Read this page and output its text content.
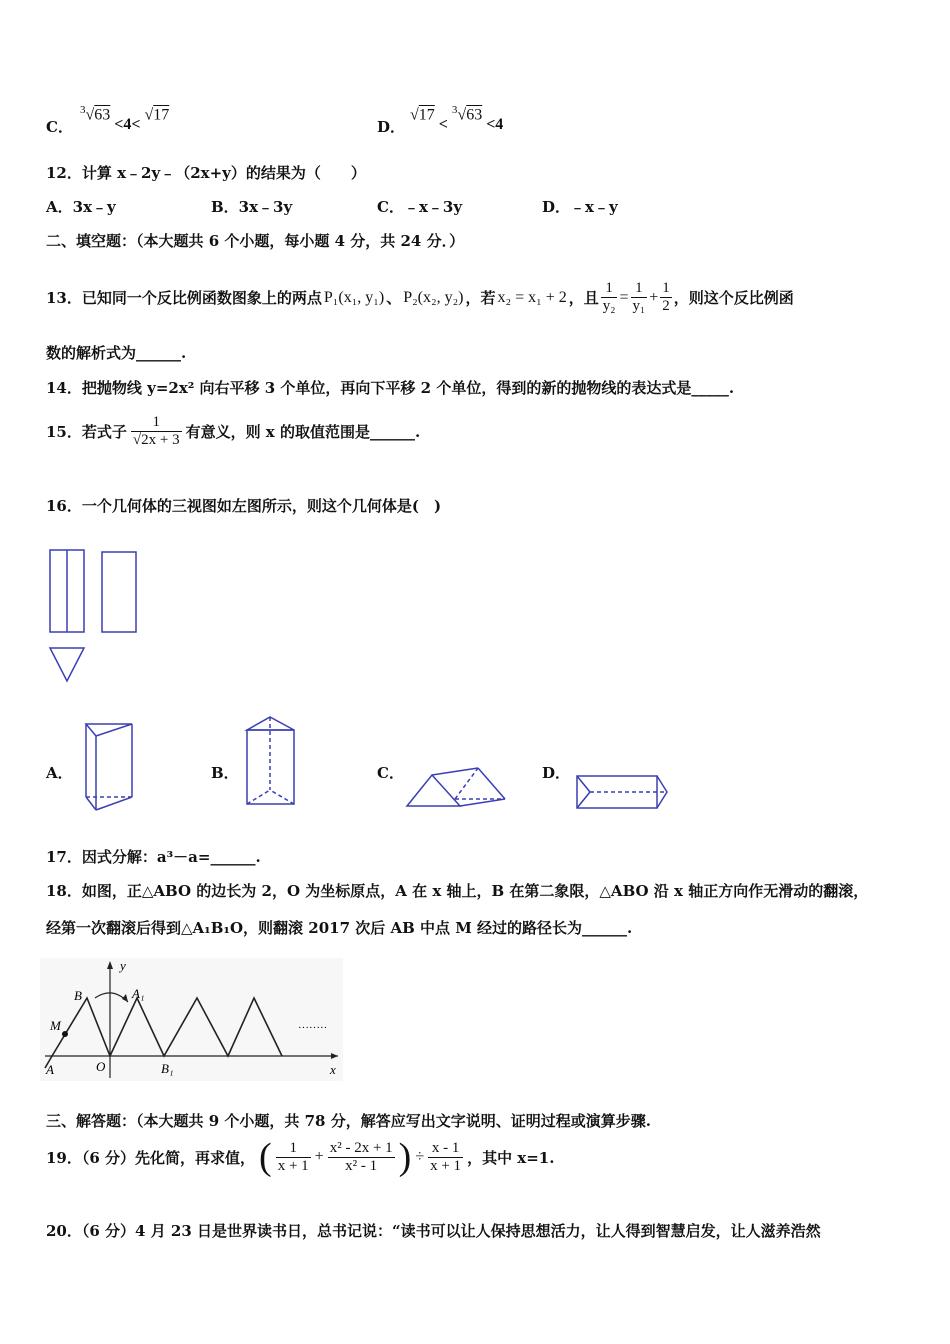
C．
$^3$√63 <4< √17
D．
√17 < $^3$√63 <4
12．计算 x﹣2y﹣（2x+y）的结果为（　　）
A．3x﹣y	B．3x﹣3y	C．﹣x﹣3y	D．﹣x﹣y
二、填空题：（本大题共 6 个小题，每小题 4 分，共 24 分．）
13．已知同一个反比例函数图象上的两点 P₁(x₁, y₁) 、 P₂(x₂, y₂) ，若 x₂ = x₁ + 2 ，且 $\frac{1}{\text{y₂}} = \frac{1}{\text{y₁}} + \frac{1}{2}$ ，则这个反比例函
数的解析式为______.
14．把抛物线 y=2x² 向右平移 3 个单位，再向下平移 2 个单位，得到的新的抛物线的表达式是_____.
15．若式子 $\frac{1}{√2x + 3}$ 有意义，则 x 的取值范围是______.
16．一个几何体的三视图如左图所示，则这个几何体是(　)
A．	B．	C．	D．
17．因式分解：a³－a=______.
18．如图，正△ABO 的边长为 2，O 为坐标原点，A 在 x 轴上，B 在第二象限，△ABO 沿 x 轴正方向作无滑动的翻滚，
经第一次翻滚后得到△A₁B₁O，则翻滚 2017 次后 AB 中点 M 经过的路径长为______.
y
B	A₁
M
A	O	B₁	x
········
三、解答题：（本大题共 9 个小题，共 78 分，解答应写出文字说明、证明过程或演算步骤.
19．（6 分）先化简，再求值， ( $\frac{1}{x + 1} + \frac{\text{x² - 2x + 1}}{\text{x² - 1}}$ ) ÷ $\frac{x - 1}{x + 1}$ ，其中 x=1.
20．（6 分）4 月 23 日是世界读书日，总书记说：“读书可以让人保持思想活力，让人得到智慧启发，让人滋养浩然
